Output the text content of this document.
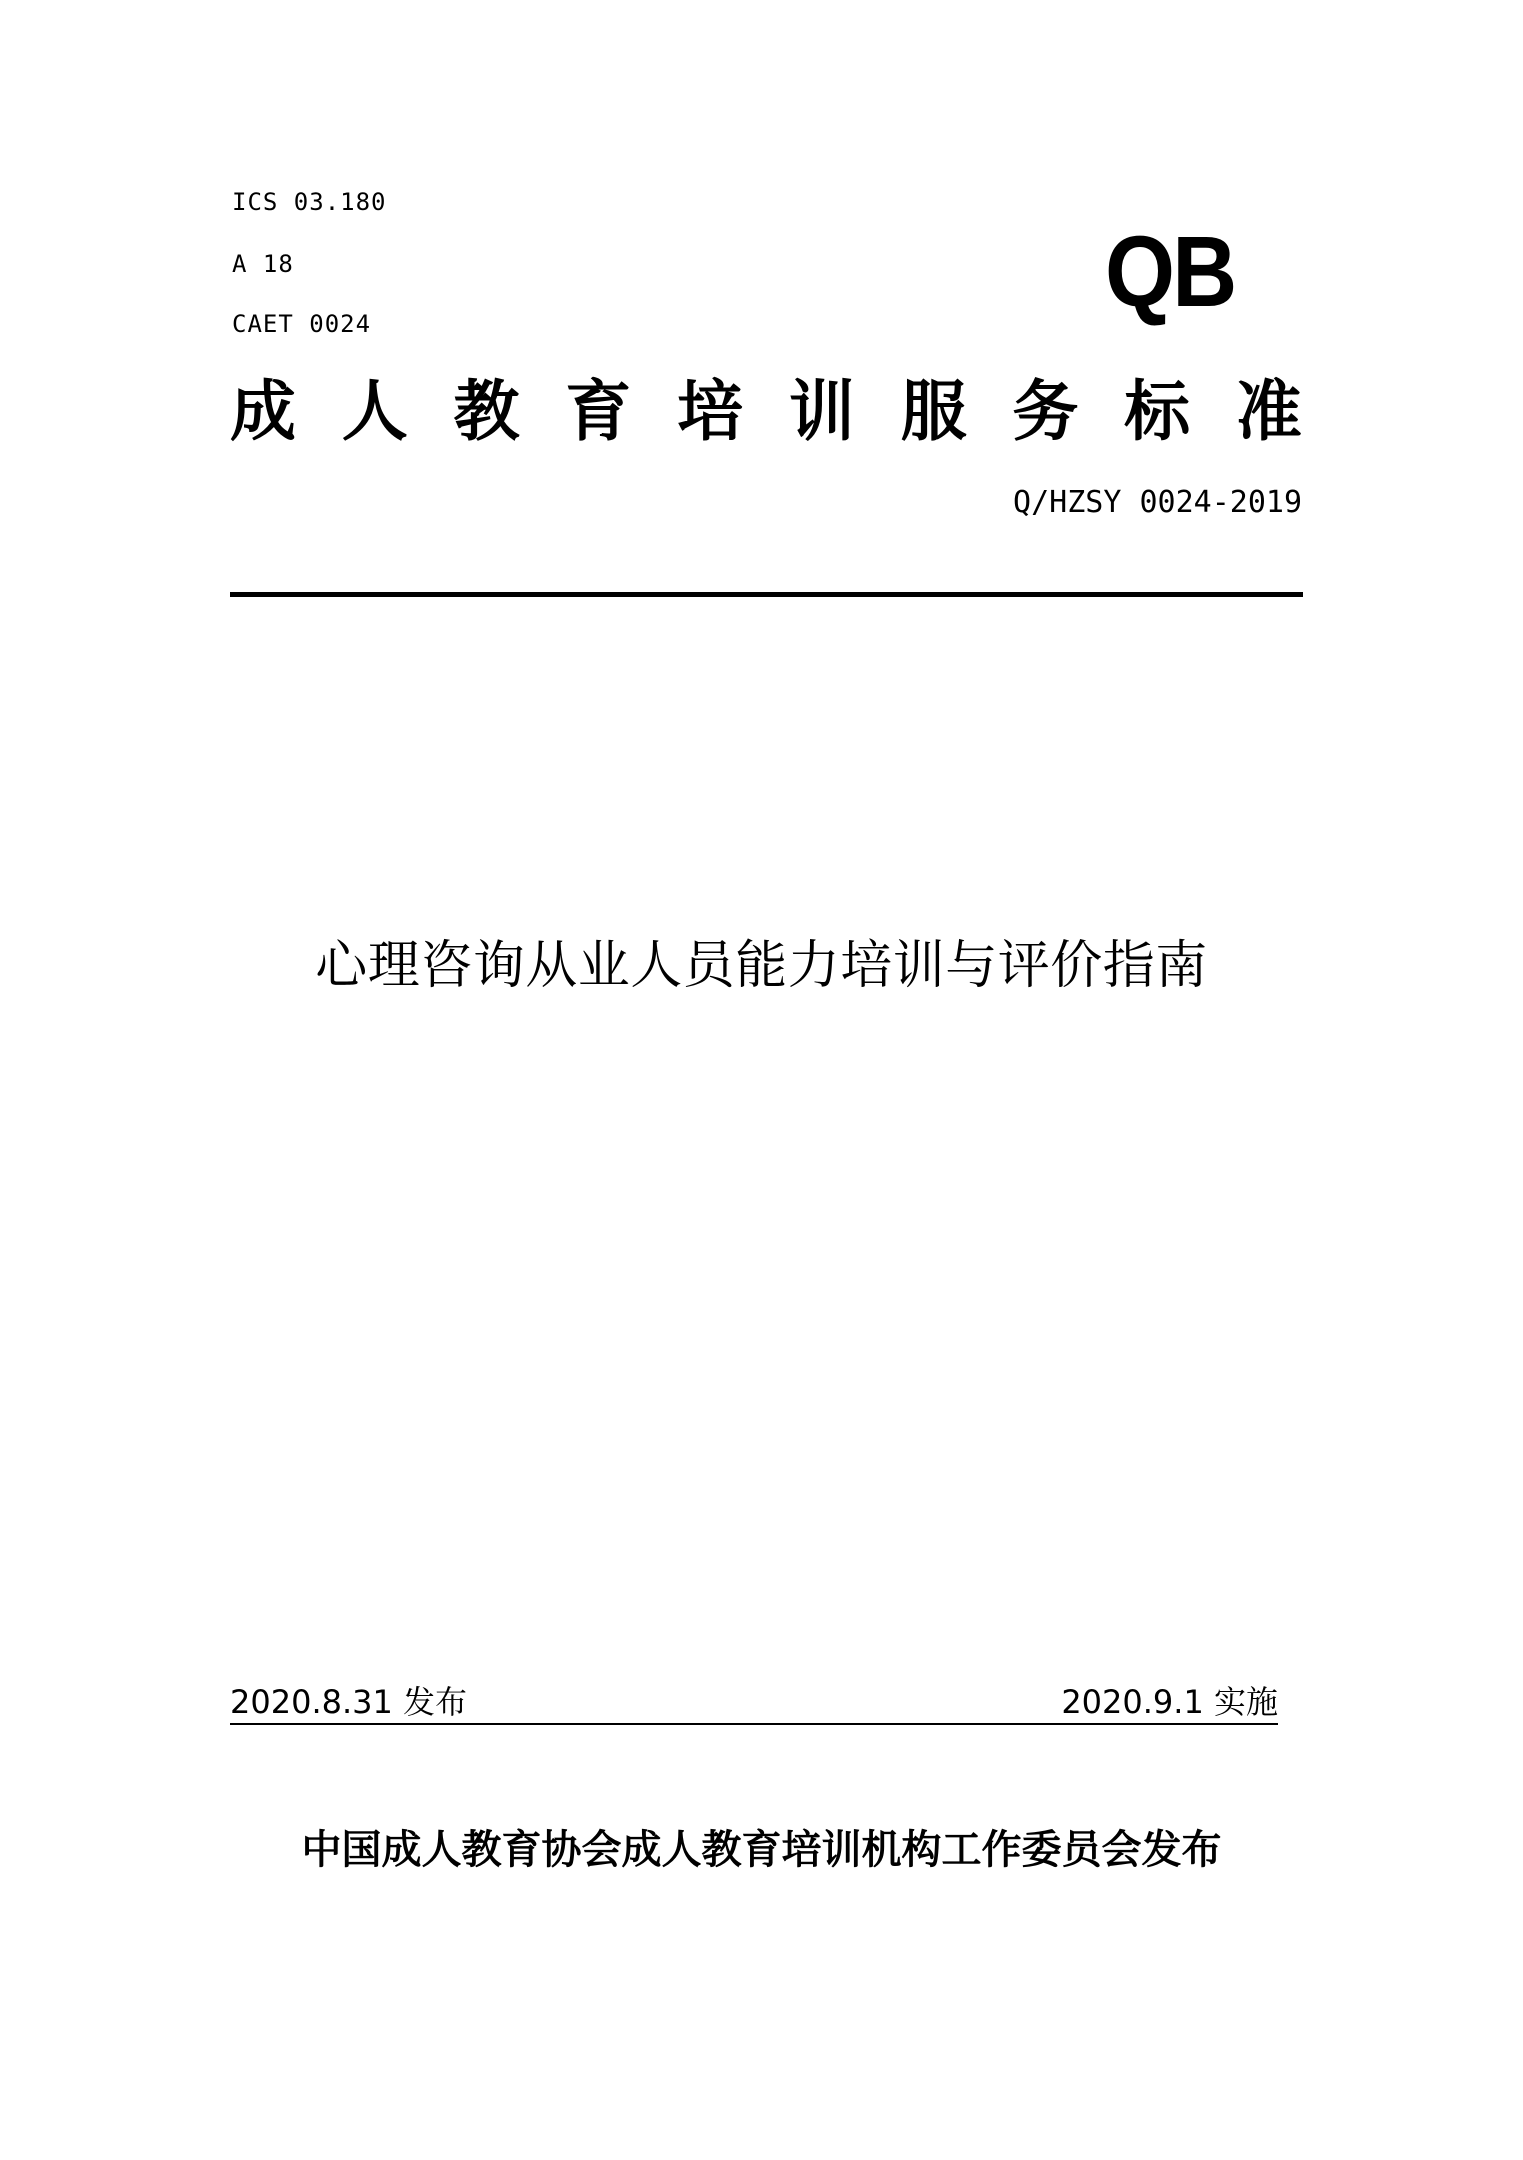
ICS 03.180
A 18
CAET 0024	QB
成 人 教 育 培 训 服 务 标 准
Q/HZSY 0024-2019
心理咨询从业人员能力培训与评价指南
2020.8.31 发布	2020.9.1 实施
中国成人教育协会成人教育培训机构工作委员会发布
